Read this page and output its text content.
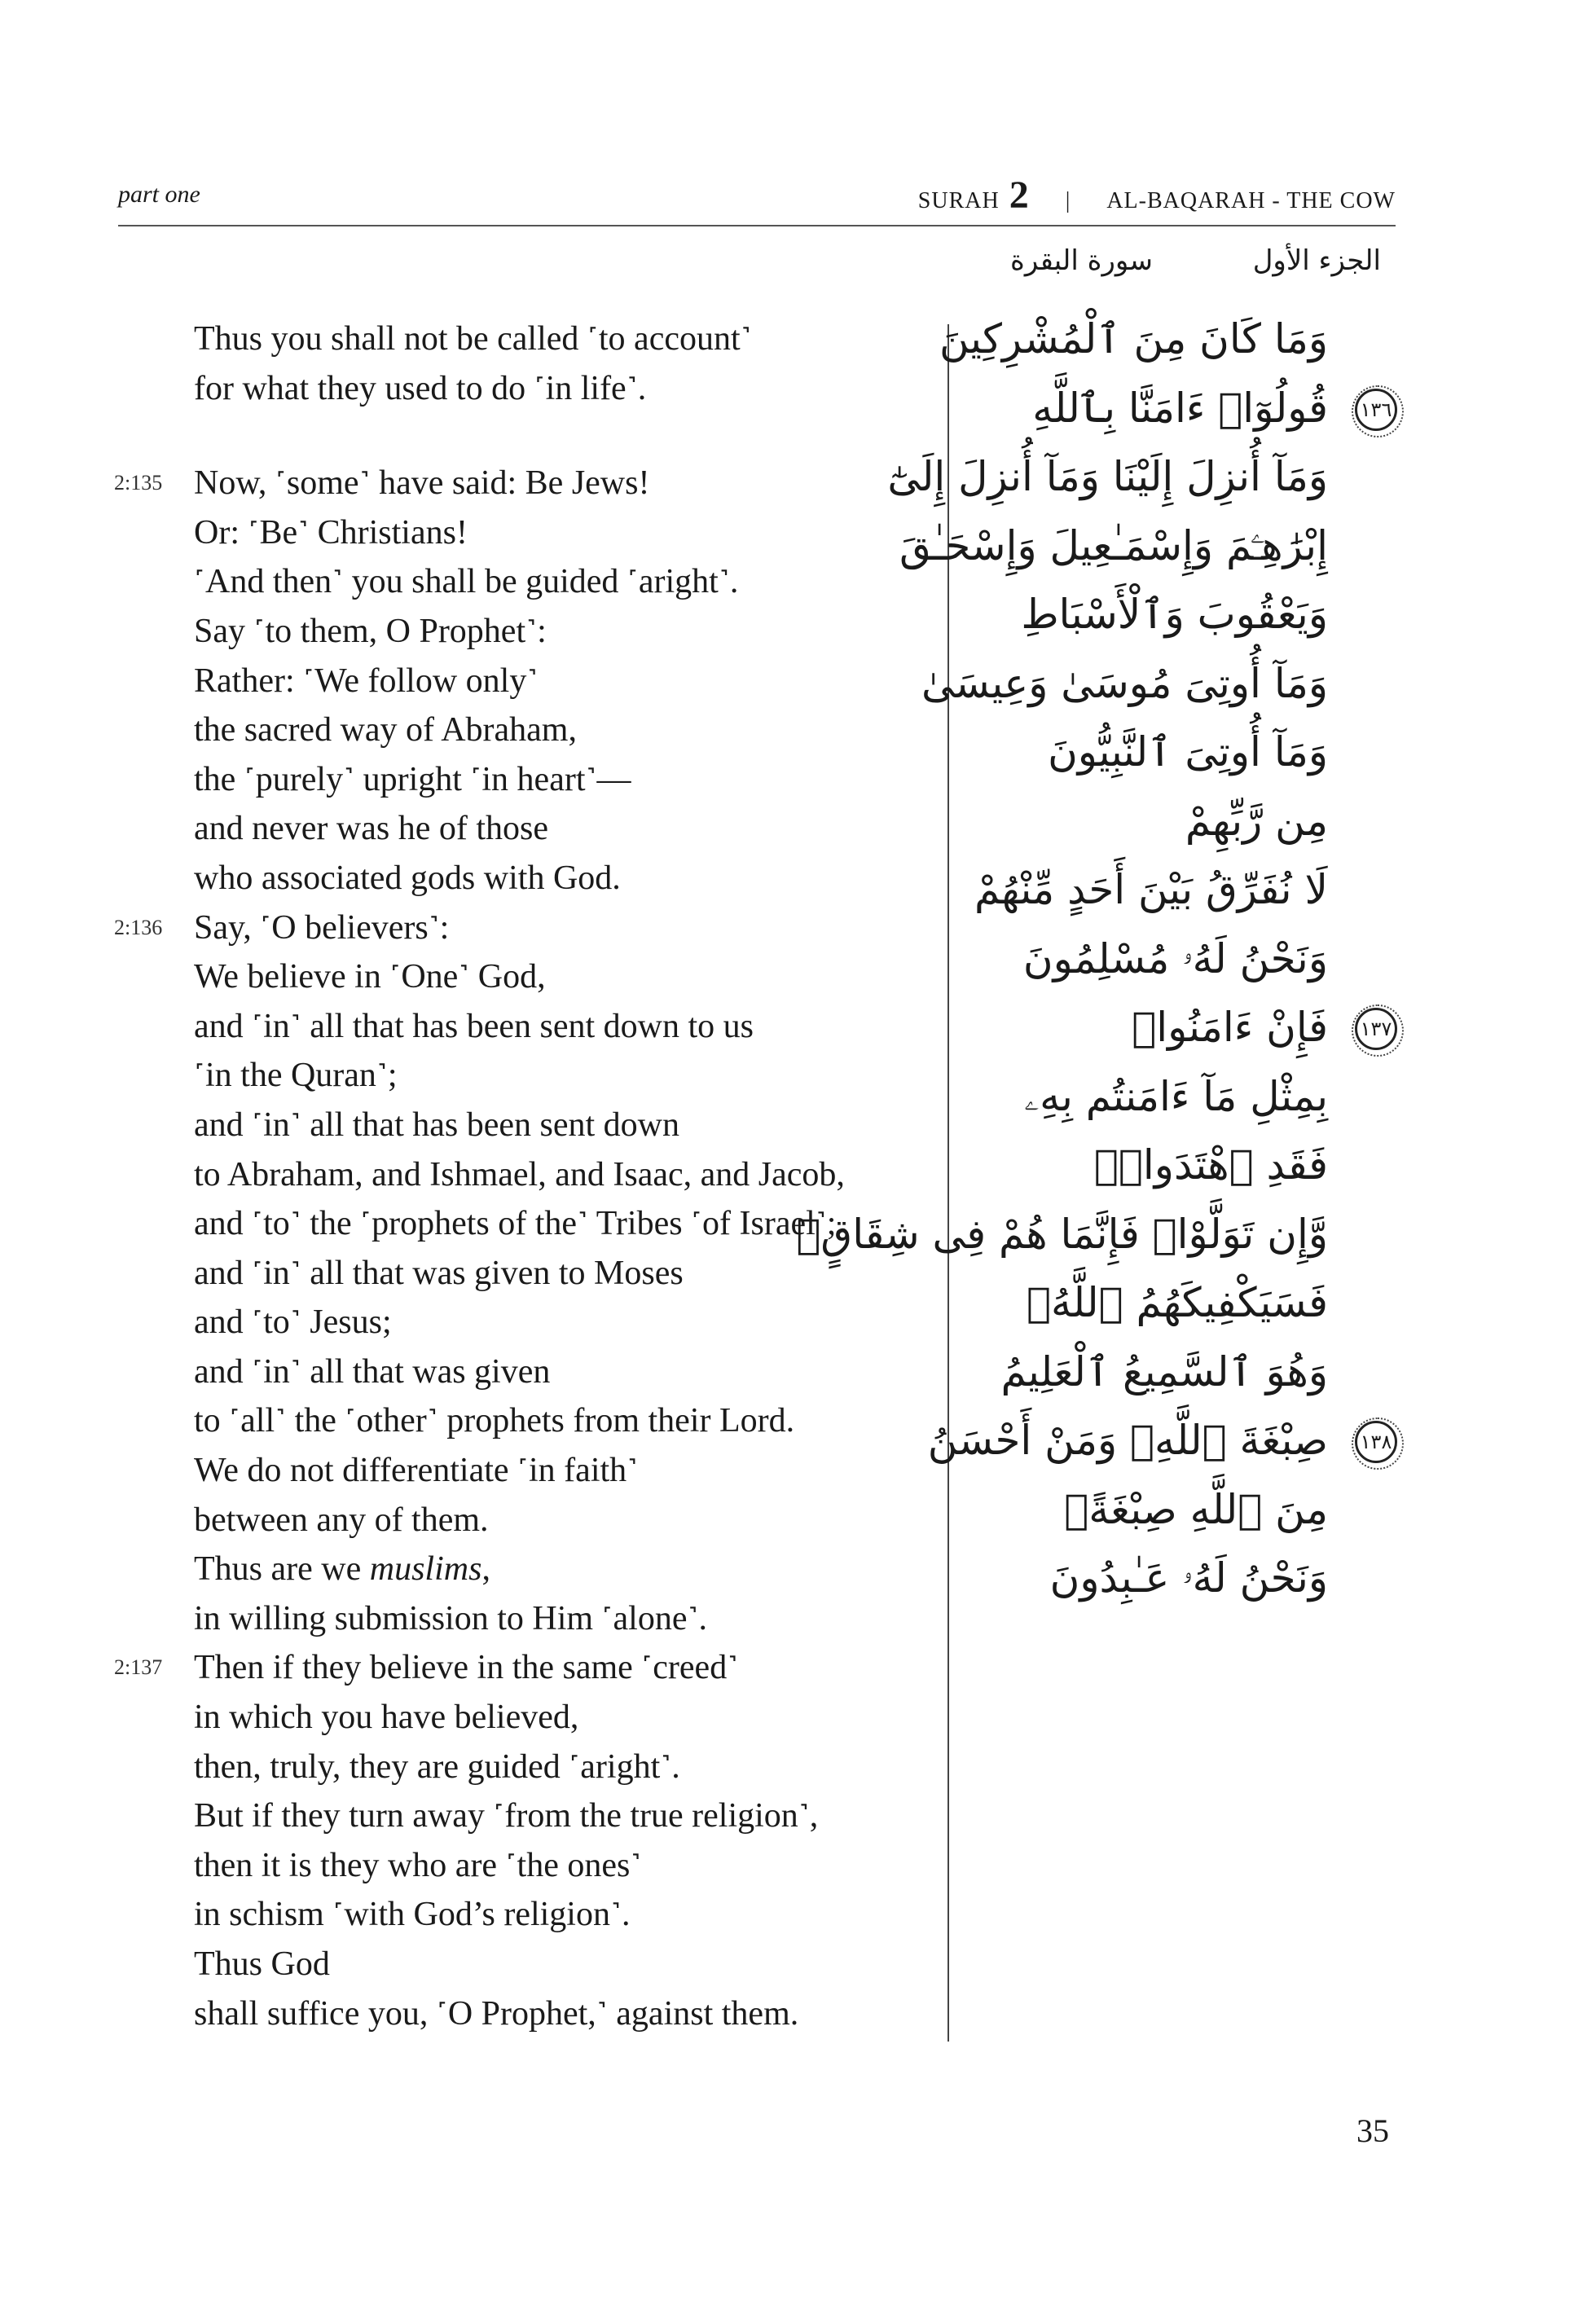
part one	SURAH 2 | AL-BAQARAH - THE COW
الجزء الأول
سورة البقرة
Thus you shall not be called ˹to account˺
for what they used to do ˹in life˺.
2:135 Now, ˹some˺ have said: Be Jews!
Or: ˹Be˺ Christians!
˹And then˺ you shall be guided ˹aright˺.
Say ˹to them, O Prophet˺:
Rather: ˹We follow only˺
the sacred way of Abraham,
the ˹purely˺ upright ˹in heart˺—
and never was he of those
who associated gods with God.
2:136 Say, ˹O believers˺:
We believe in ˹One˺ God,
and ˹in˺ all that has been sent down to us
˹in the Quran˺;
and ˹in˺ all that has been sent down
to Abraham, and Ishmael, and Isaac, and Jacob,
and ˹to˺ the ˹prophets of the˺ Tribes ˹of Israel˺;
and ˹in˺ all that was given to Moses
and ˹to˺ Jesus;
and ˹in˺ all that was given
to ˹all˺ the ˹other˺ prophets from their Lord.
We do not differentiate ˹in faith˺
between any of them.
Thus are we muslims,
in willing submission to Him ˹alone˺.
2:137 Then if they believe in the same ˹creed˺
in which you have believed,
then, truly, they are guided ˹aright˺.
But if they turn away ˹from the true religion˺,
then it is they who are ˹the ones˺
in schism ˹with God’s religion˺.
Thus God
shall suffice you, ˹O Prophet,˺ against them.
وَمَا كَانَ مِنَ ٱلْمُشْرِكِينَ
١٣٦
قُولُوٓا۟ ءَامَنَّا بِٱللَّهِ
وَمَآ أُنزِلَ إِلَيْنَا وَمَآ أُنزِلَ إِلَىٰٓ
إِبْرَٰهِـۧمَ وَإِسْمَـٰعِيلَ وَإِسْحَـٰقَ
وَيَعْقُوبَ وَٱلْأَسْبَاطِ
وَمَآ أُوتِىَ مُوسَىٰ وَعِيسَىٰ
وَمَآ أُوتِىَ ٱلنَّبِيُّونَ
مِن رَّبِّهِمْ
لَا نُفَرِّقُ بَيْنَ أَحَدٍ مِّنْهُمْ
وَنَحْنُ لَهُۥ مُسْلِمُونَ
١٣٧
فَإِنْ ءَامَنُوا۟
بِمِثْلِ مَآ ءَامَنتُم بِهِۦ
فَقَدِ ٱهْتَدَوا۟ۖ
وَّإِن تَوَلَّوْا۟ فَإِنَّمَا هُمْ فِى شِقَاقٍۖ
فَسَيَكْفِيكَهُمُ ٱللَّهُۚ
وَهُوَ ٱلسَّمِيعُ ٱلْعَلِيمُ
١٣٨
صِبْغَةَ ٱللَّهِۖ وَمَنْ أَحْسَنُ
مِنَ ٱللَّهِ صِبْغَةًۖ
وَنَحْنُ لَهُۥ عَـٰبِدُونَ
35
